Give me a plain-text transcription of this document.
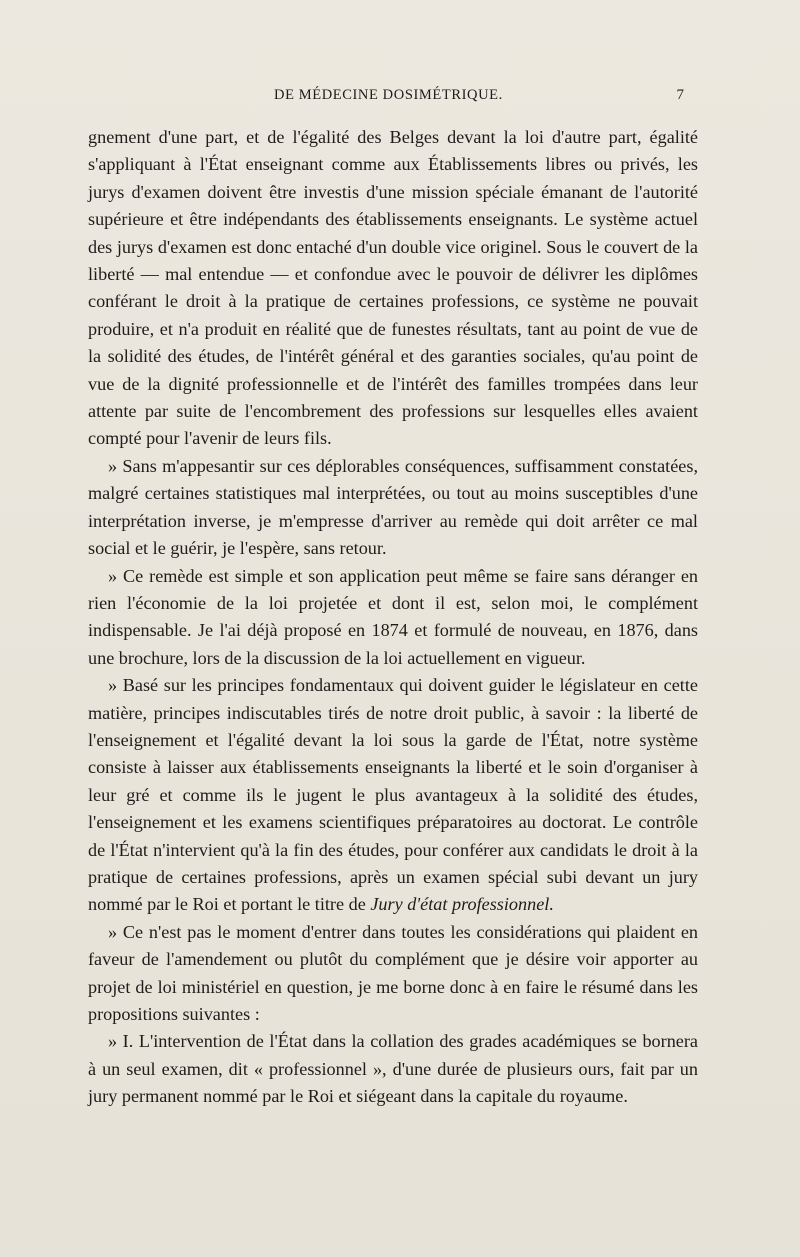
DE MÉDECINE DOSIMÉTRIQUE.	7

gnement d'une part, et de l'égalité des Belges devant la loi d'autre part, égalité s'appliquant à l'État enseignant comme aux Établissements libres ou privés, les jurys d'examen doivent être investis d'une mission spéciale émanant de l'autorité supérieure et être indépendants des établissements enseignants. Le système actuel des jurys d'examen est donc entaché d'un double vice originel. Sous le couvert de la liberté — mal entendue — et confondue avec le pouvoir de délivrer les diplômes conférant le droit à la pratique de certaines professions, ce système ne pouvait produire, et n'a produit en réalité que de funestes résultats, tant au point de vue de la solidité des études, de l'intérêt général et des garanties sociales, qu'au point de vue de la dignité professionnelle et de l'intérêt des familles trompées dans leur attente par suite de l'encombrement des professions sur lesquelles elles avaient compté pour l'avenir de leurs fils.

» Sans m'appesantir sur ces déplorables conséquences, suffisamment constatées, malgré certaines statistiques mal interprétées, ou tout au moins susceptibles d'une interprétation inverse, je m'empresse d'arriver au remède qui doit arrêter ce mal social et le guérir, je l'espère, sans retour.

» Ce remède est simple et son application peut même se faire sans déranger en rien l'économie de la loi projetée et dont il est, selon moi, le complément indispensable. Je l'ai déjà proposé en 1874 et formulé de nouveau, en 1876, dans une brochure, lors de la discussion de la loi actuellement en vigueur.

» Basé sur les principes fondamentaux qui doivent guider le législateur en cette matière, principes indiscutables tirés de notre droit public, à savoir : la liberté de l'enseignement et l'égalité devant la loi sous la garde de l'État, notre système consiste à laisser aux établissements enseignants la liberté et le soin d'organiser à leur gré et comme ils le jugent le plus avantageux à la solidité des études, l'enseignement et les examens scientifiques préparatoires au doctorat. Le contrôle de l'État n'intervient qu'à la fin des études, pour conférer aux candidats le droit à la pratique de certaines professions, après un examen spécial subi devant un jury nommé par le Roi et portant le titre de Jury d'état professionnel.

» Ce n'est pas le moment d'entrer dans toutes les considérations qui plaident en faveur de l'amendement ou plutôt du complément que je désire voir apporter au projet de loi ministériel en question, je me borne donc à en faire le résumé dans les propositions suivantes :

» I. L'intervention de l'État dans la collation des grades académiques se bornera à un seul examen, dit « professionnel », d'une durée de plusieurs ours, fait par un jury permanent nommé par le Roi et siégeant dans la capitale du royaume.
